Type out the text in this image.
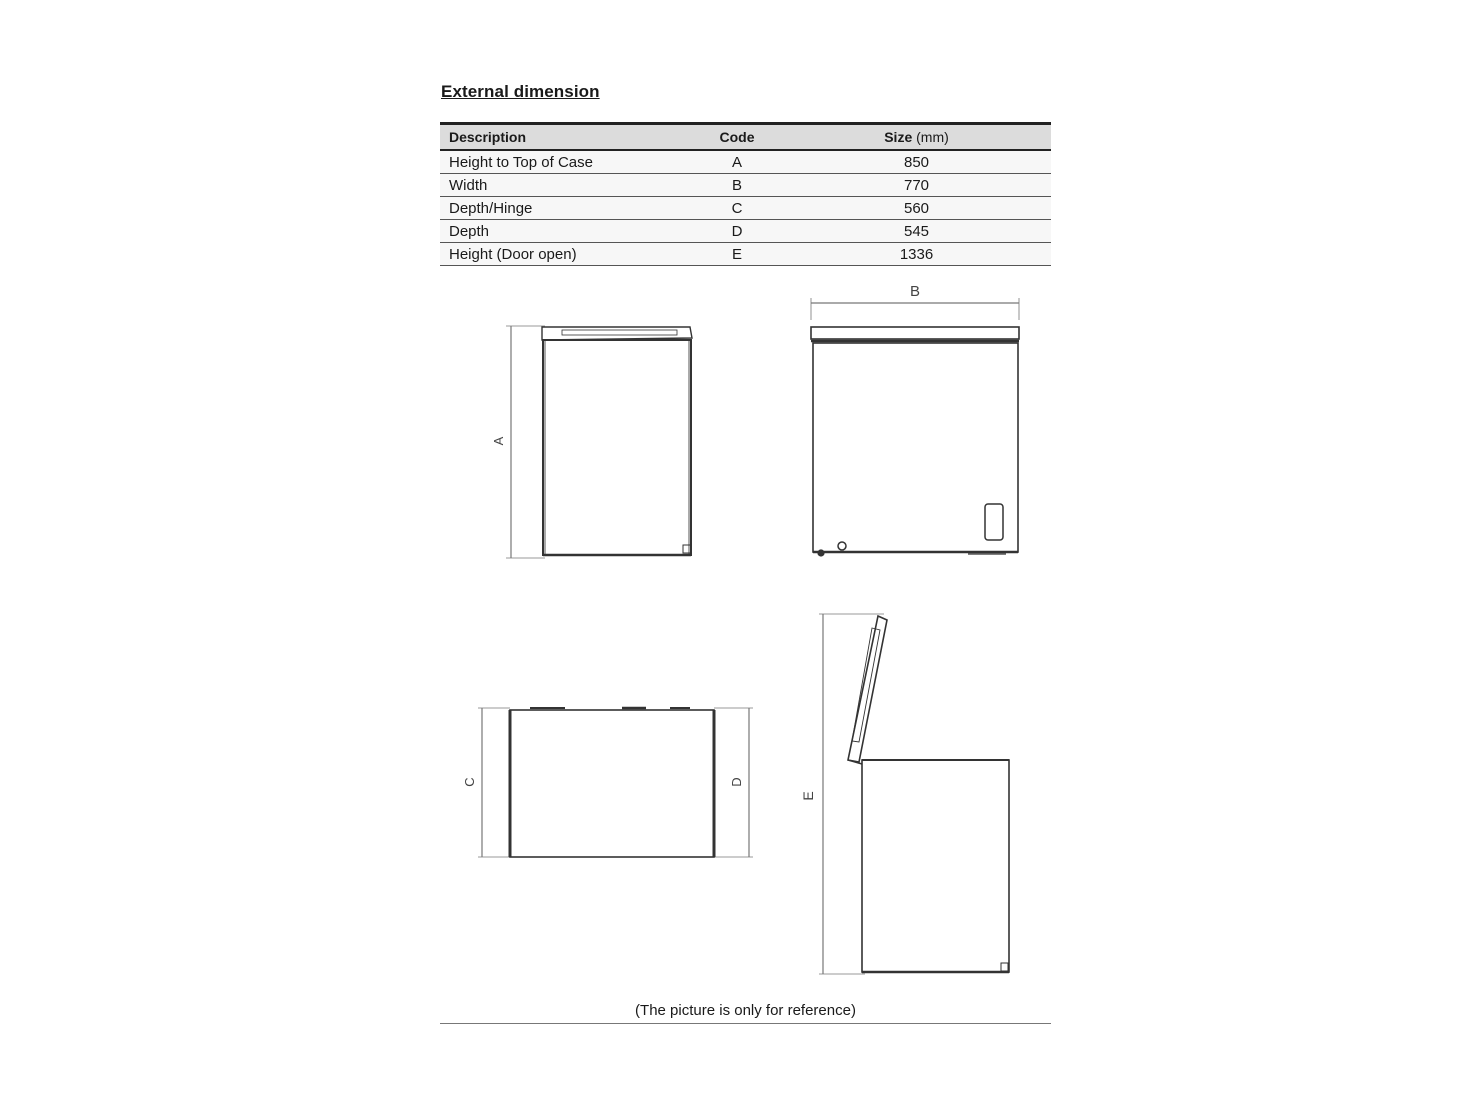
External dimension
Description	Code	Size (mm)
Height to Top of Case	A	850
Width	B	770
Depth/Hinge	C	560
Depth	D	545
Height (Door open)	E	1336
A
B
C	D
E
(The picture is only for reference)
